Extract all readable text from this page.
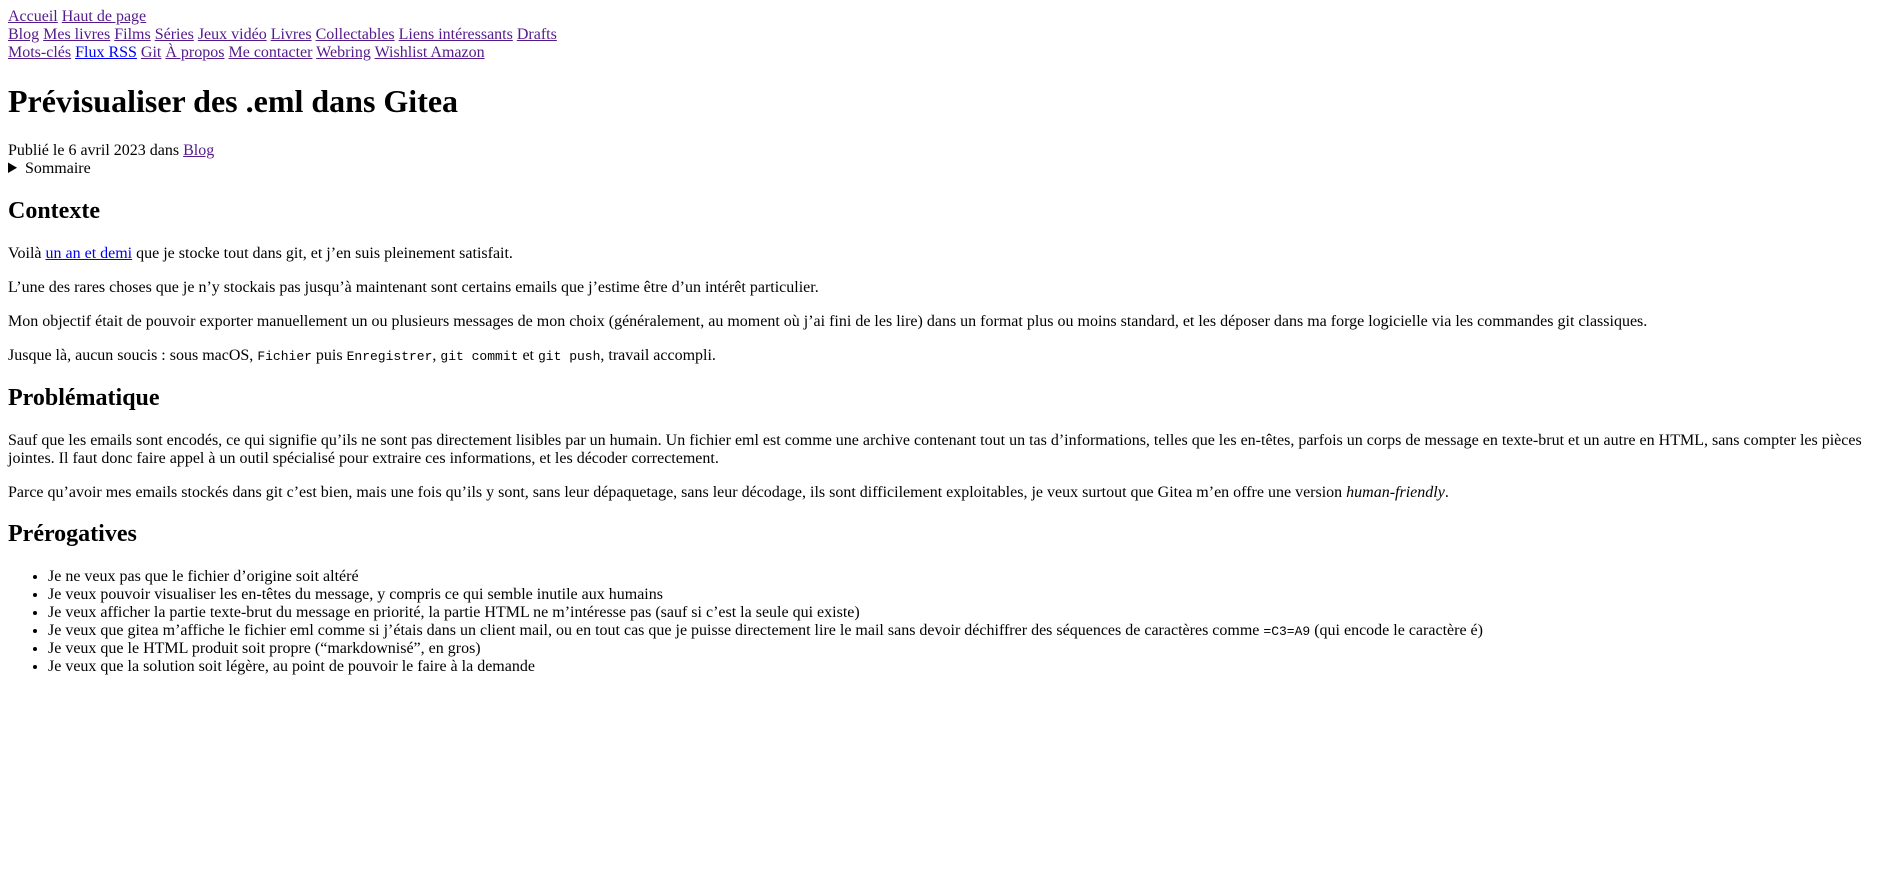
Accueil Haut de page
Blog Mes livres Films Séries Jeux vidéo Livres Collectables Liens intéressants Drafts
Mots-clés Flux RSS Git À propos Me contacter Webring Wishlist Amazon
Prévisualiser des .eml dans Gitea
Publié le 6 avril 2023 dans Blog
Sommaire
Contexte

Voilà un an et demi que je stocke tout dans git, et j’en suis pleinement satisfait.

L’une des rares choses que je n’y stockais pas jusqu’à maintenant sont certains emails que j’estime être d’un intérêt particulier.

Mon objectif était de pouvoir exporter manuellement un ou plusieurs messages de mon choix (généralement, au moment où j’ai fini de les lire) dans un format plus ou moins standard, et les déposer dans ma forge logicielle via les commandes git classiques.

Jusque là, aucun soucis : sous macOS, Fichier puis Enregistrer, git commit et git push, travail accompli.

Problématique

Sauf que les emails sont encodés, ce qui signifie qu’ils ne sont pas directement lisibles par un humain. Un fichier eml est comme une archive contenant tout un tas d’informations, telles que les en-têtes, parfois un corps de message en texte-brut et un autre en HTML, sans compter les pièces jointes. Il faut donc faire appel à un outil spécialisé pour extraire ces informations, et les décoder correctement.

Parce qu’avoir mes emails stockés dans git c’est bien, mais une fois qu’ils y sont, sans leur dépaquetage, sans leur décodage, ils sont difficilement exploitables, je veux surtout que Gitea m’en offre une version human-friendly.

Prérogatives
• Je ne veux pas que le fichier d’origine soit altéré
• Je veux pouvoir visualiser les en-têtes du message, y compris ce qui semble inutile aux humains
• Je veux afficher la partie texte-brut du message en priorité, la partie HTML ne m’intéresse pas (sauf si c’est la seule qui existe)
• Je veux que gitea m’affiche le fichier eml comme si j’étais dans un client mail, ou en tout cas que je puisse directement lire le mail sans devoir déchiffrer des séquences de caractères comme =C3=A9 (qui encode le caractère é)
• Je veux que le HTML produit soit propre (“markdownisé”, en gros)
• Je veux que la solution soit légère, au point de pouvoir le faire à la demande
